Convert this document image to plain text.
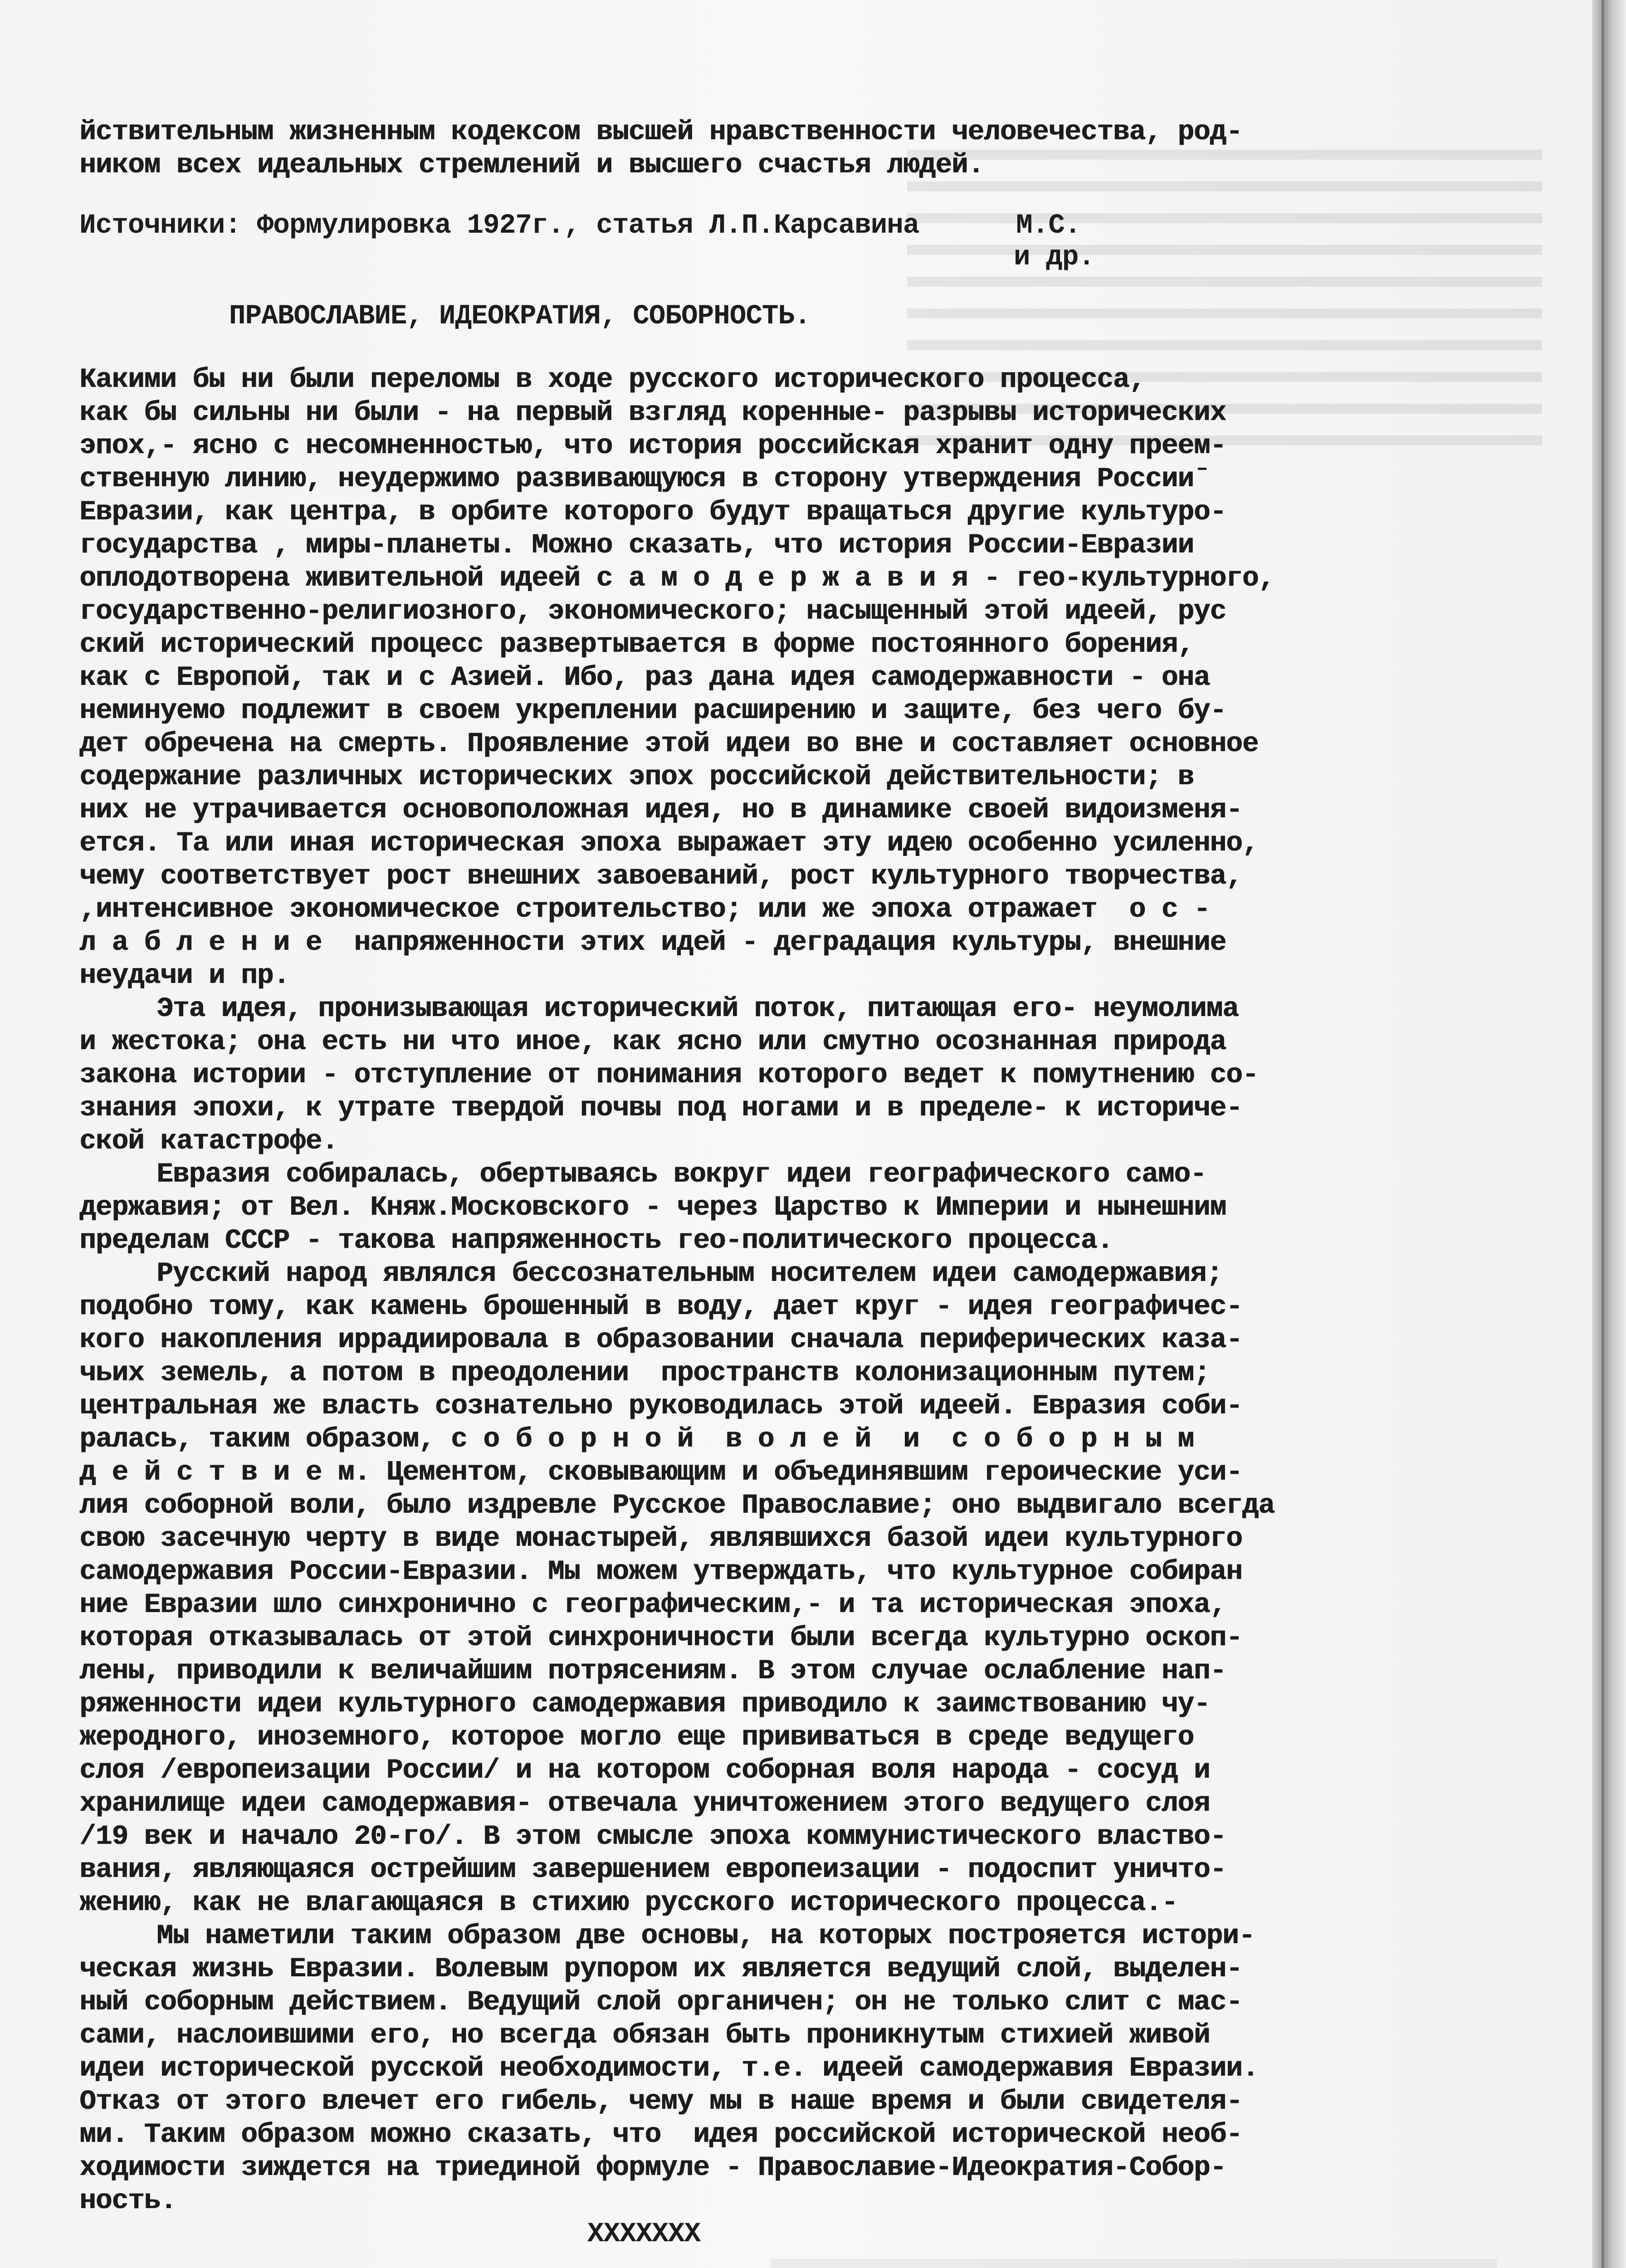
йствительным жизненным кодексом высшей нравственности человечества, род-
ником всех идеальных стремлений и высшего счастья людей.
Источники: Формулировка 1927г., статья Л.П.Карсавина      М.С.
и др.
ПРАВОСЛАВИЕ, ИДЕОКРАТИЯ, СОБОРНОСТЬ.
Какими бы ни были переломы в ходе русского исторического процесса,
как бы сильны ни были - на первый взгляд коренные- разрывы исторических
эпох,- ясно с несомненностью, что история российская хранит одну преем-
ственную линию, неудержимо развивающуюся в сторону утверждения Россииˉ
Евразии, как центра, в орбите которого будут вращаться другие культуро-
государства , миры-планеты. Можно сказать, что история России-Евразии
оплодотворена живительной идеей с а м о д е р ж а в и я - гео-культурного,
государственно-религиозного, экономического; насыщенный этой идеей, рус
ский исторический процесс развертывается в форме постоянного борения,
как с Европой, так и с Азией. Ибо, раз дана идея самодержавности - она
неминуемо подлежит в своем укреплении расширению и защите, без чего бу-
дет обречена на смерть. Проявление этой идеи во вне и составляет основное
содержание различных исторических эпох российской действительности; в
них не утрачивается основоположная идея, но в динамике своей видоизменя-
ется. Та или иная историческая эпоха выражает эту идею особенно усиленно,
чему соответствует рост внешних завоеваний, рост культурного творчества,
,интенсивное экономическое строительство; или же эпоха отражает  о с -
л а б л е н и е  напряженности этих идей - деградация культуры, внешние
неудачи и пр.
Эта идея, пронизывающая исторический поток, питающая его- неумолима
и жестока; она есть ни что иное, как ясно или смутно осознанная природа
закона истории - отступление от понимания которого ведет к помутнению со-
знания эпохи, к утрате твердой почвы под ногами и в пределе- к историче-
ской катастрофе.
Евразия собиралась, обертываясь вокруг идеи географического само-
державия; от Вел. Княж.Московского - через Царство к Империи и нынешним
пределам СССР - такова напряженность гео-политического процесса.
Русский народ являлся бессознательным носителем идеи самодержавия;
подобно тому, как камень брошенный в воду, дает круг - идея географичес-
кого накопления иррадиировала в образовании сначала периферических каза-
чьих земель, а потом в преодолении  пространств колонизационным путем;
центральная же власть сознательно руководилась этой идеей. Евразия соби-
ралась, таким образом, с о б о р н о й  в о л е й  и  с о б о р н ы м
д е й с т в и е м. Цементом, сковывающим и объединявшим героические уси-
лия соборной воли, было издревле Русское Православие; оно выдвигало всегда
свою засечную черту в виде монастырей, являвшихся базой идеи культурного
самодержавия России-Евразии. Мы можем утверждать, что культурное собиран
ние Евразии шло синхронично с географическим,- и та историческая эпоха,
которая отказывалась от этой синхроничности были всегда культурно оскоп-
лены, приводили к величайшим потрясениям. В этом случае ослабление нап-
ряженности идеи культурного самодержавия приводило к заимствованию чу-
жеродного, иноземного, которое могло еще прививаться в среде ведущего
слоя /европеизации России/ и на котором соборная воля народа - сосуд и
хранилище идеи самодержавия- отвечала уничтожением этого ведущего слоя
/19 век и начало 20-го/. В этом смысле эпоха коммунистического властво-
вания, являющаяся острейшим завершением европеизации - подоспит уничто-
жению, как не влагающаяся в стихию русского исторического процесса.-
Мы наметили таким образом две основы, на которых построяется истори-
ческая жизнь Евразии. Волевым рупором их является ведущий слой, выделен-
ный соборным действием. Ведущий слой органичен; он не только слит с мас-
сами, наслоившими его, но всегда обязан быть проникнутым стихией живой
идеи исторической русской необходимости, т.е. идеей самодержавия Евразии.
Отказ от этого влечет его гибель, чему мы в наше время и были свидетеля-
ми. Таким образом можно сказать, что  идея российской исторической необ-
ходимости зиждется на триединой формуле - Православие-Идеократия-Собор-
ность.
XXXXXXX
